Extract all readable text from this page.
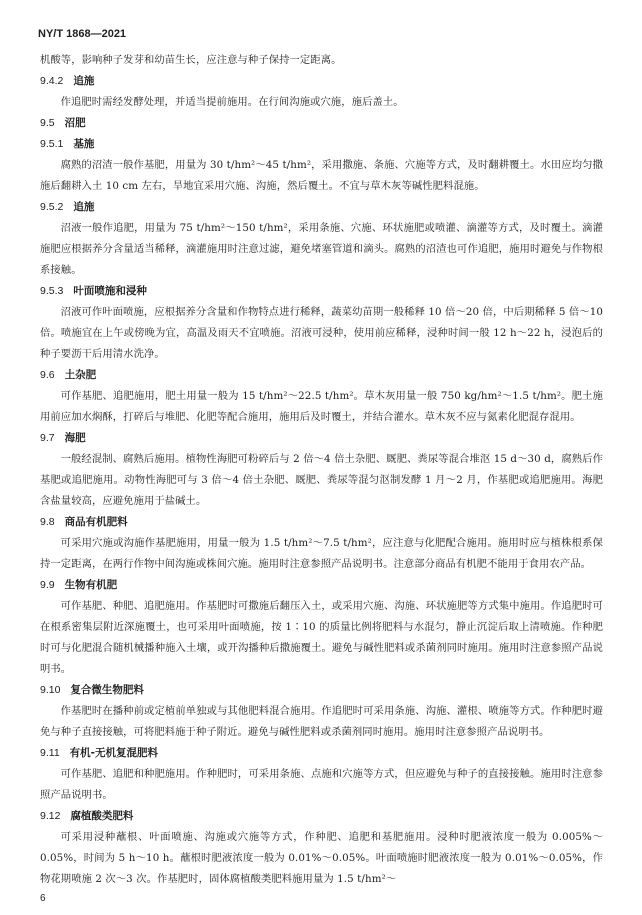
NY/T 1868—2021

机酸等，影响种子发芽和幼苗生长，应注意与种子保持一定距离。

9.4.2 追施

作追肥时需经发酵处理，并适当提前施用。在行间沟施或穴施，施后盖土。

9.5 沼肥
9.5.1 基施

腐熟的沼渣一般作基肥，用量为 30 t/hm²～45 t/hm²，采用撒施、条施、穴施等方式，及时翻耕覆土。水田应均匀撒施后翻耕入土 10 cm 左右，旱地宜采用穴施、沟施，然后覆土。不宜与草木灰等碱性肥料混施。

9.5.2 追施

沼液一般作追肥，用量为 75 t/hm²～150 t/hm²，采用条施、穴施、环状施肥或喷灌、滴灌等方式，及时覆土。滴灌施肥应根据养分含量适当稀释，滴灌施用时注意过滤，避免堵塞管道和滴头。腐熟的沼渣也可作追肥，施用时避免与作物根系接触。

9.5.3 叶面喷施和浸种

沼液可作叶面喷施，应根据养分含量和作物特点进行稀释，蔬菜幼苗期一般稀释 10 倍～20 倍，中后期稀释 5 倍～10 倍。喷施宜在上午或傍晚为宜，高温及雨天不宜喷施。沼液可浸种，使用前应稀释，浸种时间一般 12 h～22 h，浸泡后的种子要沥干后用清水洗净。

9.6 土杂肥

可作基肥、追肥施用，肥土用量一般为 15 t/hm²～22.5 t/hm²。草木灰用量一般 750 kg/hm²～1.5 t/hm²。肥土施用前应加水焖酥，打碎后与堆肥、化肥等配合施用，施用后及时覆土，并结合灌水。草木灰不应与氮素化肥混存混用。

9.7 海肥

一般经混制、腐熟后施用。植物性海肥可粉碎后与 2 倍～4 倍土杂肥、厩肥、粪尿等混合堆沤 15 d～30 d，腐熟后作基肥或追肥施用。动物性海肥可与 3 倍～4 倍土杂肥、厩肥、粪尿等混匀沤制发酵 1 月～2 月，作基肥或追肥施用。海肥含盐量较高，应避免施用于盐碱土。

9.8 商品有机肥料

可采用穴施或沟施作基肥施用，用量一般为 1.5 t/hm²～7.5 t/hm²，应注意与化肥配合施用。施用时应与植株根系保持一定距离，在两行作物中间沟施或株间穴施。施用时注意参照产品说明书。注意部分商品有机肥不能用于食用农产品。

9.9 生物有机肥

可作基肥、种肥、追肥施用。作基肥时可撒施后翻压入土，或采用穴施、沟施、环状施肥等方式集中施用。作追肥时可在根系密集层附近深施覆土，也可采用叶面喷施，按 1∶10 的质量比例将肥料与水混匀，静止沉淀后取上清喷施。作种肥时可与化肥混合随机械播种施入土壤，或开沟播种后撒施覆土。避免与碱性肥料或杀菌剂同时施用。施用时注意参照产品说明书。

9.10 复合微生物肥料

作基肥时在播种前或定植前单独或与其他肥料混合施用。作追肥时可采用条施、沟施、灌根、喷施等方式。作种肥时避免与种子直接接触，可将肥料施于种子附近。避免与碱性肥料或杀菌剂同时施用。施用时注意参照产品说明书。

9.11 有机-无机复混肥料

可作基肥、追肥和种肥施用。作种肥时，可采用条施、点施和穴施等方式，但应避免与种子的直接接触。施用时注意参照产品说明书。

9.12 腐植酸类肥料

可采用浸种蘸根、叶面喷施、沟施或穴施等方式，作种肥、追肥和基肥施用。浸种时肥液浓度一般为 0.005%～0.05%，时间为 5 h～10 h。蘸根时肥液浓度一般为 0.01%～0.05%。叶面喷施时肥液浓度一般为 0.01%～0.05%，作物花期喷施 2 次～3 次。作基肥时，固体腐植酸类肥料施用量为 1.5 t/hm²～

6
